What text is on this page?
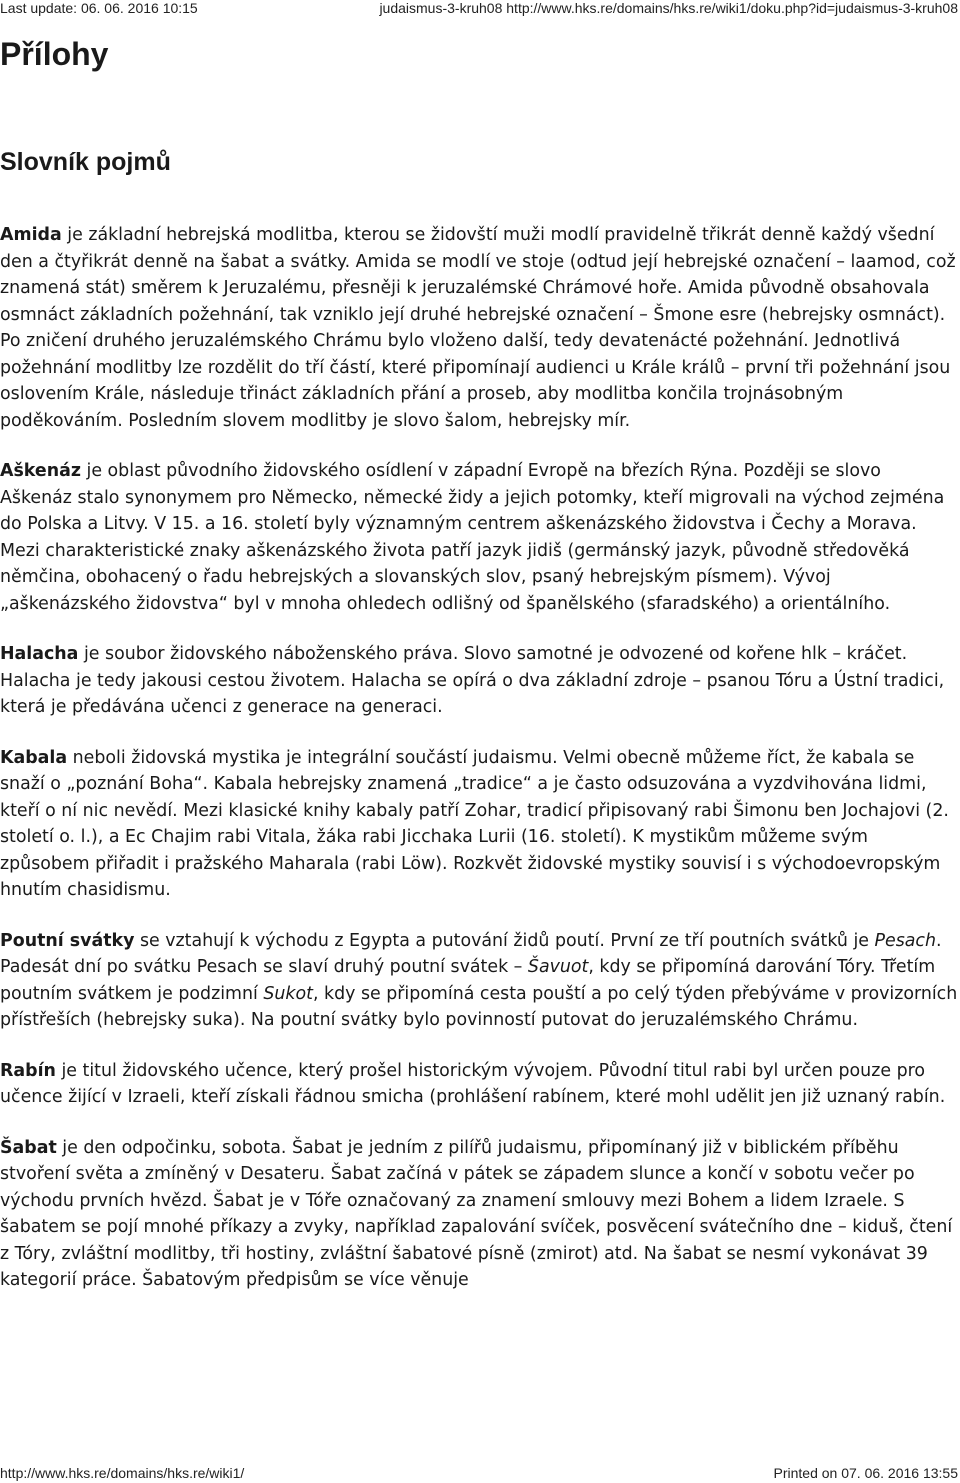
Last update: 06. 06. 2016 10:15	judaismus-3-kruh08 http://www.hks.re/domains/hks.re/wiki1/doku.php?id=judaismus-3-kruh08
Přílohy
Slovník pojmů

Amida je základní hebrejská modlitba, kterou se židovští muži modlí pravidelně třikrát denně každý všední den a čtyřikrát denně na šabat a svátky. Amida se modlí ve stoje (odtud její hebrejské označení – laamod, což znamená stát) směrem k Jeruzalému, přesněji k jeruzalémské Chrámové hoře. Amida původně obsahovala osmnáct základních požehnání, tak vzniklo její druhé hebrejské označení – Šmone esre (hebrejsky osmnáct). Po zničení druhého jeruzalémského Chrámu bylo vloženo další, tedy devatenácté požehnání. Jednotlivá požehnání modlitby lze rozdělit do tří částí, které připomínají audienci u Krále králů – první tři požehnání jsou oslovením Krále, následuje třináct základních přání a proseb, aby modlitba končila trojnásobným poděkováním. Posledním slovem modlitby je slovo šalom, hebrejsky mír.

Aškenáz je oblast původního židovského osídlení v západní Evropě na březích Rýna. Později se slovo Aškenáz stalo synonymem pro Německo, německé židy a jejich potomky, kteří migrovali na východ zejména do Polska a Litvy. V 15. a 16. století byly významným centrem aškenázského židovstva i Čechy a Morava. Mezi charakteristické znaky aškenázského života patří jazyk jidiš (germánský jazyk, původně středověká němčina, obohacený o řadu hebrejských a slovanských slov, psaný hebrejským písmem). Vývoj „aškenázského židovstva“ byl v mnoha ohledech odlišný od španělského (sfaradského) a orientálního.

Halacha je soubor židovského náboženského práva. Slovo samotné je odvozené od kořene hlk – kráčet. Halacha je tedy jakousi cestou životem. Halacha se opírá o dva základní zdroje – psanou Tóru a Ústní tradici, která je předávána učenci z generace na generaci.

Kabala neboli židovská mystika je integrální součástí judaismu. Velmi obecně můžeme říct, že kabala se snaží o „poznání Boha“. Kabala hebrejsky znamená „tradice“ a je často odsuzována a vyzdvihována lidmi, kteří o ní nic nevědí. Mezi klasické knihy kabaly patří Zohar, tradicí připisovaný rabi Šimonu ben Jochajovi (2. století o. l.), a Ec Chajim rabi Vitala, žáka rabi Jicchaka Lurii (16. století). K mystikům můžeme svým způsobem přiřadit i pražského Maharala (rabi Löw). Rozkvět židovské mystiky souvisí i s východoevropským hnutím chasidismu.

Poutní svátky se vztahují k východu z Egypta a putování židů poutí. První ze tří poutních svátků je Pesach. Padesát dní po svátku Pesach se slaví druhý poutní svátek – Šavuot, kdy se připomíná darování Tóry. Třetím poutním svátkem je podzimní Sukot, kdy se připomíná cesta pouští a po celý týden přebýváme v provizorních přístřeších (hebrejsky suka). Na poutní svátky bylo povinností putovat do jeruzalémského Chrámu.

Rabín je titul židovského učence, který prošel historickým vývojem. Původní titul rabi byl určen pouze pro učence žijící v Izraeli, kteří získali řádnou smicha (prohlášení rabínem, které mohl udělit jen již uznaný rabín.

Šabat je den odpočinku, sobota. Šabat je jedním z pilířů judaismu, připomínaný již v biblickém příběhu stvoření světa a zmíněný v Desateru. Šabat začíná v pátek se západem slunce a končí v sobotu večer po východu prvních hvězd. Šabat je v Tóře označovaný za znamení smlouvy mezi Bohem a lidem Izraele. S šabatem se pojí mnohé příkazy a zvyky, například zapalování svíček, posvěcení svátečního dne – kiduš, čtení z Tóry, zvláštní modlitby, tři hostiny, zvláštní šabatové písně (zmirot) atd. Na šabat se nesmí vykonávat 39 kategorií práce. Šabatovým předpisům se více věnuje

http://www.hks.re/domains/hks.re/wiki1/	Printed on 07. 06. 2016 13:55
